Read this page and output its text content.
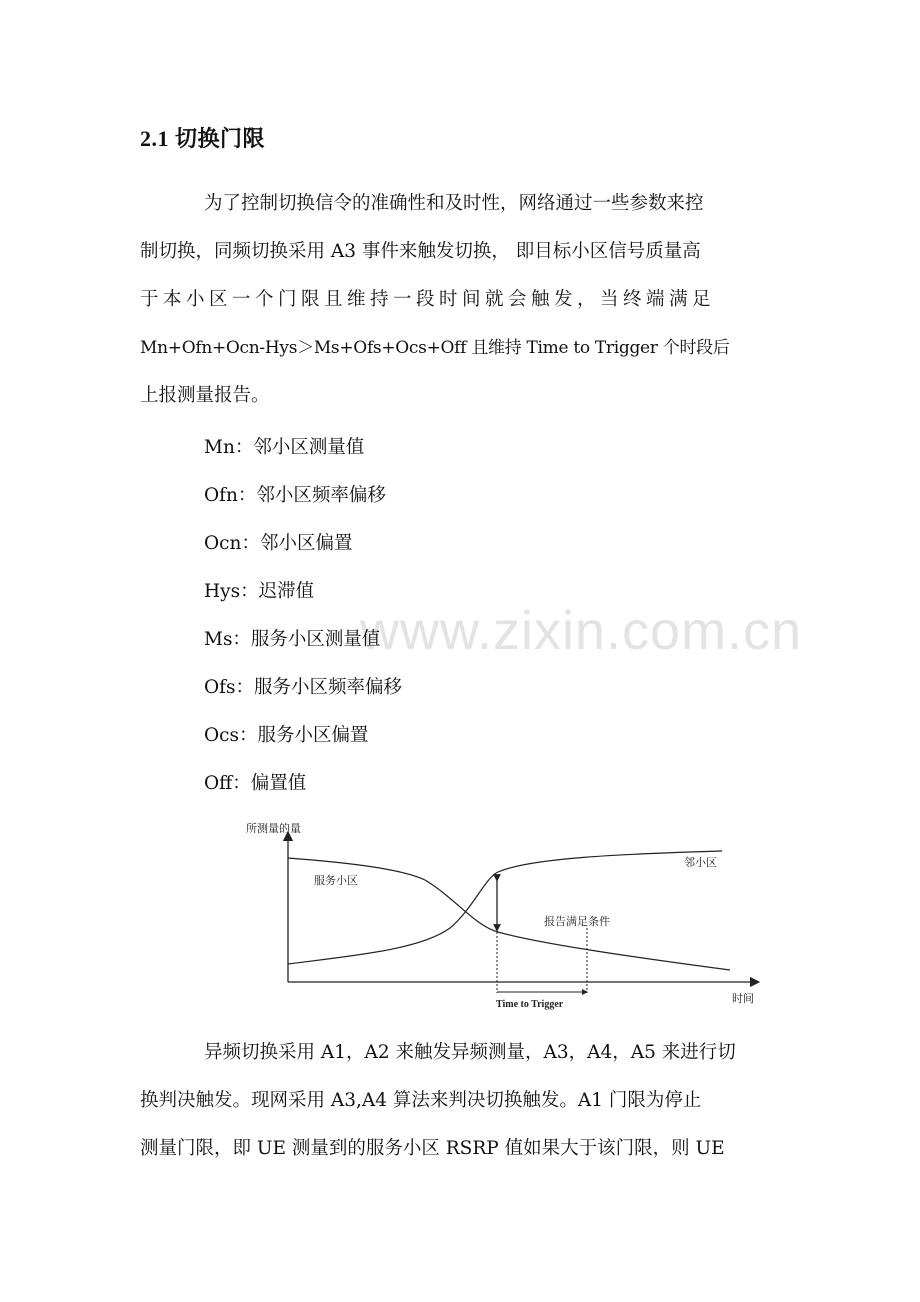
www.zixin.com.cn
2.1 切换门限
为了控制切换信令的准确性和及时性，网络通过一些参数来控
制切换，同频切换采用 A3 事件来触发切换， 即目标小区信号质量高
于本小区一个门限且维持一段时间就会触发，当终端满足
Mn+Ofn+Ocn-Hys＞Ms+Ofs+Ocs+Off 且维持 Time to Trigger 个时段后
上报测量报告。
Mn：邻小区测量值
Ofn：邻小区频率偏移
Ocn：邻小区偏置
Hys：迟滞值
Ms：服务小区测量值
Ofs：服务小区频率偏移
Ocs：服务小区偏置
Off：偏置值
所测量的量
时间
服务小区
邻小区
报告满足条件
Time to Trigger
异频切换采用 A1，A2 来触发异频测量，A3，A4，A5 来进行切
换判决触发。现网采用 A3,A4 算法来判决切换触发。A1 门限为停止
测量门限，即 UE 测量到的服务小区 RSRP 值如果大于该门限，则 UE
